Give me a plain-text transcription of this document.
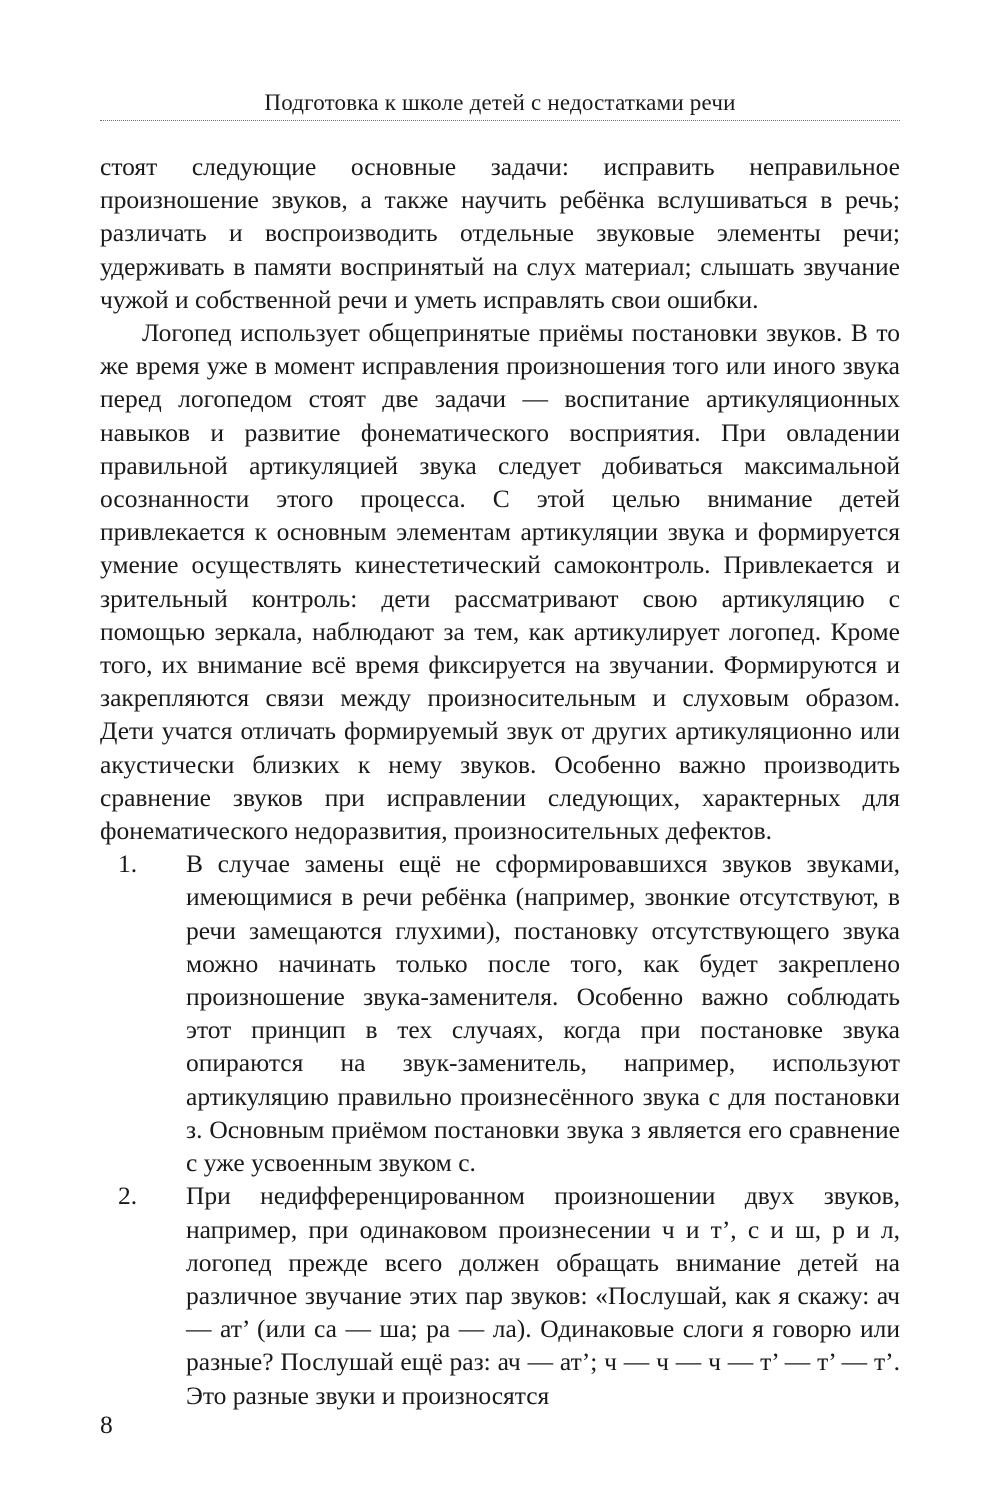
Подготовка к школе детей с недостатками речи

стоят следующие основные задачи: исправить неправильное произношение звуков, а также научить ребёнка вслушиваться в речь; различать и воспроизводить отдельные звуковые элементы речи; удерживать в памяти воспринятый на слух материал; слышать звучание чужой и собственной речи и уметь исправлять свои ошибки.

Логопед использует общепринятые приёмы постановки звуков. В то же время уже в момент исправления произношения того или иного звука перед логопедом стоят две задачи — воспитание артикуляционных навыков и развитие фонематического восприятия. При овладении правильной артикуляцией звука следует добиваться максимальной осознанности этого процесса. С этой целью внимание детей привлекается к основным элементам артикуляции звука и формируется умение осуществлять кинестетический самоконтроль. Привлекается и зрительный контроль: дети рассматривают свою артикуляцию с помощью зеркала, наблюдают за тем, как артикулирует логопед. Кроме того, их внимание всё время фиксируется на звучании. Формируются и закрепляются связи между произносительным и слуховым образом. Дети учатся отличать формируемый звук от других артикуляционно или акустически близких к нему звуков. Особенно важно производить сравнение звуков при исправлении следующих, характерных для фонематического недоразвития, произносительных дефектов.

1. В случае замены ещё не сформировавшихся звуков звуками, имеющимися в речи ребёнка (например, звонкие отсутствуют, в речи замещаются глухими), постановку отсутствующего звука можно начинать только после того, как будет закреплено произношение звука-заменителя. Особенно важно соблюдать этот принцип в тех случаях, когда при постановке звука опираются на звук-заменитель, например, используют артикуляцию правильно произнесённого звука с для постановки з. Основным приёмом постановки звука з является его сравнение с уже усвоенным звуком с.
2. При недифференцированном произношении двух звуков, например, при одинаковом произнесении ч и т’, с и ш, р и л, логопед прежде всего должен обращать внимание детей на различное звучание этих пар звуков: «Послушай, как я скажу: ач — ат’ (или са — ша; ра — ла). Одинаковые слоги я говорю или разные? Послушай ещё раз: ач — ат’; ч — ч — ч — т’ — т’ — т’. Это разные звуки и произносятся
8
